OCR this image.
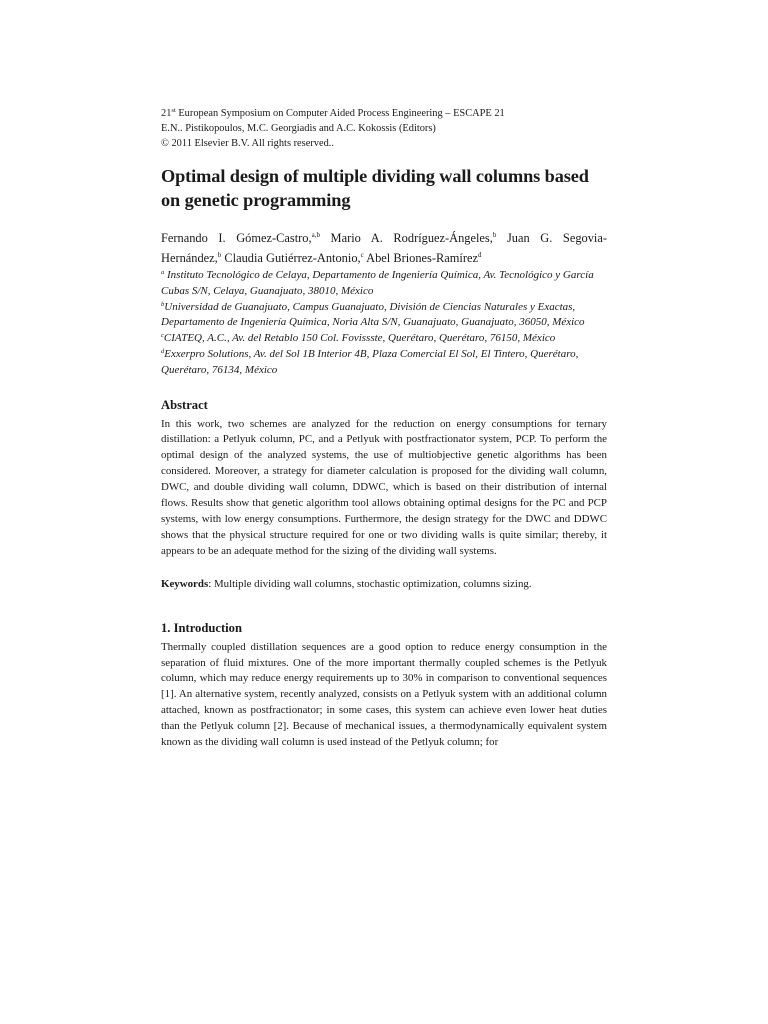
21st European Symposium on Computer Aided Process Engineering – ESCAPE 21

E.N.. Pistikopoulos, M.C. Georgiadis and A.C. Kokossis (Editors)

© 2011 Elsevier B.V. All rights reserved..

Optimal design of multiple dividing wall columns based on genetic programming

Fernando I. Gómez-Castro,$^{a,b}$ Mario A. Rodríguez-Ángeles,$^b$ Juan G. Segovia-Hernández,$^b$ Claudia Gutiérrez-Antonio,$^c$ Abel Briones-Ramírez$^d$

$^a$ Instituto Tecnológico de Celaya, Departamento de Ingeniería Química, Av. Tecnológico y García Cubas S/N, Celaya, Guanajuato, 38010, México

$^b$Universidad de Guanajuato, Campus Guanajuato, División de Ciencias Naturales y Exactas, Departamento de Ingeniería Química, Noria Alta S/N, Guanajuato, Guanajuato, 36050, México

$^c$CIATEQ, A.C., Av. del Retablo 150 Col. Fovissste, Querétaro, Querétaro, 76150, México

$^d$Exxerpro Solutions, Av. del Sol 1B Interior 4B, Plaza Comercial El Sol, El Tintero, Querétaro, Querétaro, 76134, México

Abstract

In this work, two schemes are analyzed for the reduction on energy consumptions for ternary distillation: a Petlyuk column, PC, and a Petlyuk with postfractionator system, PCP. To perform the optimal design of the analyzed systems, the use of multiobjective genetic algorithms has been considered. Moreover, a strategy for diameter calculation is proposed for the dividing wall column, DWC, and double dividing wall column, DDWC, which is based on their distribution of internal flows. Results show that genetic algorithm tool allows obtaining optimal designs for the PC and PCP systems, with low energy consumptions. Furthermore, the design strategy for the DWC and DDWC shows that the physical structure required for one or two dividing walls is quite similar; thereby, it appears to be an adequate method for the sizing of the dividing wall systems.

Keywords: Multiple dividing wall columns, stochastic optimization, columns sizing.

1. Introduction

Thermally coupled distillation sequences are a good option to reduce energy consumption in the separation of fluid mixtures. One of the more important thermally coupled schemes is the Petlyuk column, which may reduce energy requirements up to 30% in comparison to conventional sequences [1]. An alternative system, recently analyzed, consists on a Petlyuk system with an additional column attached, known as postfractionator; in some cases, this system can achieve even lower heat duties than the Petlyuk column [2]. Because of mechanical issues, a thermodynamically equivalent system known as the dividing wall column is used instead of the Petlyuk column; for
